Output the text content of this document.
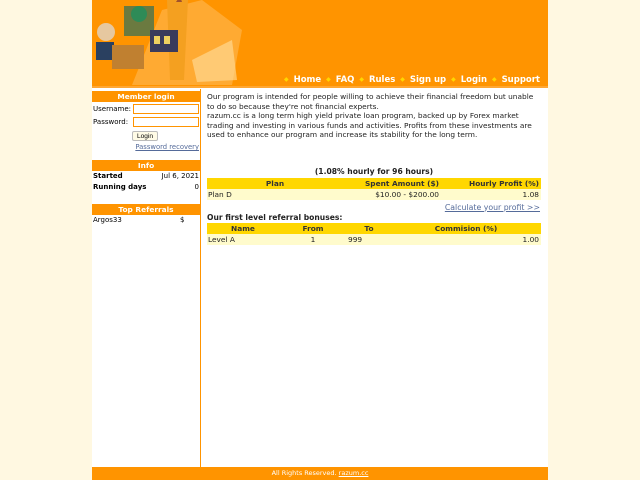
◆ Home ◆ FAQ ◆ Rules ◆ Sign up ◆ Login ◆ Support
Member login
Username:
Password:
Login
Password recovery
Info
Started	Jul 6, 2021
Running days	0
Top Referrals
Argos33	$

Our program is intended for people willing to achieve their financial freedom but unable to do so because they're not financial experts.

razum.cc is a long term high yield private loan program, backed up by Forex market trading and investing in various funds and activities. Profits from these investments are used to enhance our program and increase its stability for the long term.

(1.08% hourly for 96 hours)
Plan	Spent Amount ($)	Hourly Profit (%)
Plan D	$10.00 - $200.00	1.08
Calculate your profit >>
Our first level referral bonuses:
Name	From	To	Commision (%)
Level A	1	999	1.00
All Rights Reserved. razum.cc
